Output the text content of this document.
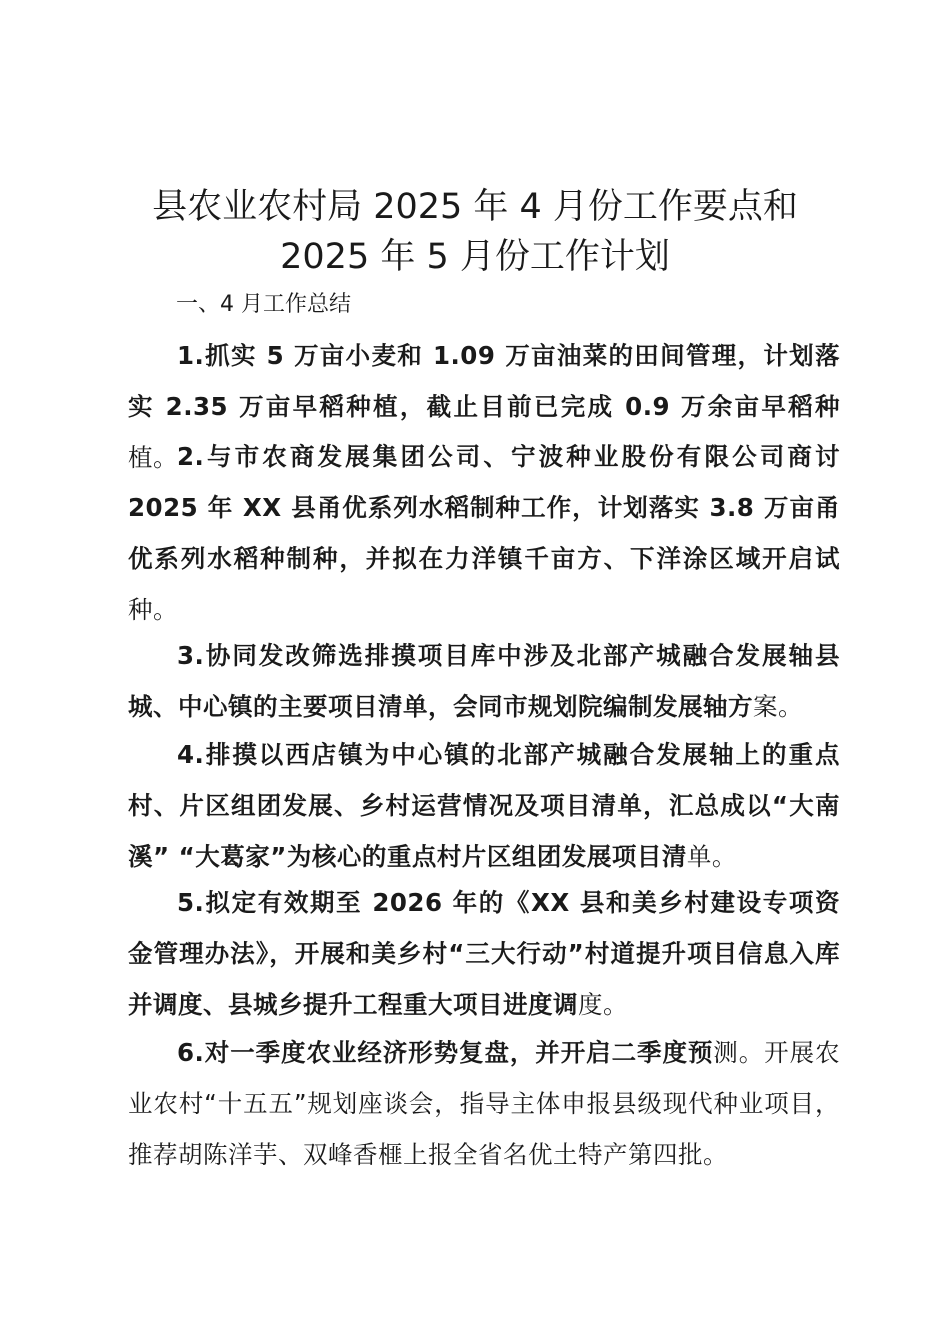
县农业农村局 2025 年 4 月份工作要点和
2025 年 5 月份工作计划

一、4 月工作总结

1.抓实 5 万亩小麦和 1.09 万亩油菜的田间管理，计划落实 2.35 万亩早稻种植，截止目前已完成 0.9 万余亩早稻种植。 2.与市农商发展集团公司、宁波种业股份有限公司商讨 2025 年 XX 县甬优系列水稻制种工作，计划落实 3.8 万亩甬优系列水稻种制种，并拟在力洋镇千亩方、下洋涂区域开启试种。

3.协同发改筛选排摸项目库中涉及北部产城融合发展轴县城、中心镇的主要项目清单，会同市规划院编制发展轴方案。

4.排摸以西店镇为中心镇的北部产城融合发展轴上的重点村、片区组团发展、乡村运营情况及项目清单，汇总成以“大南溪” “大葛家”为核心的重点村片区组团发展项目清单。

5.拟定有效期至 2026 年的《XX 县和美乡村建设专项资金管理办法》，开展和美乡村“三大行动”村道提升项目信息入库并调度、县城乡提升工程重大项目进度调度。

6.对一季度农业经济形势复盘，并开启二季度预测。开展农业农村“十五五”规划座谈会，指导主体申报县级现代种业项目，推荐胡陈洋芋、双峰香榧上报全省名优土特产第四批。
